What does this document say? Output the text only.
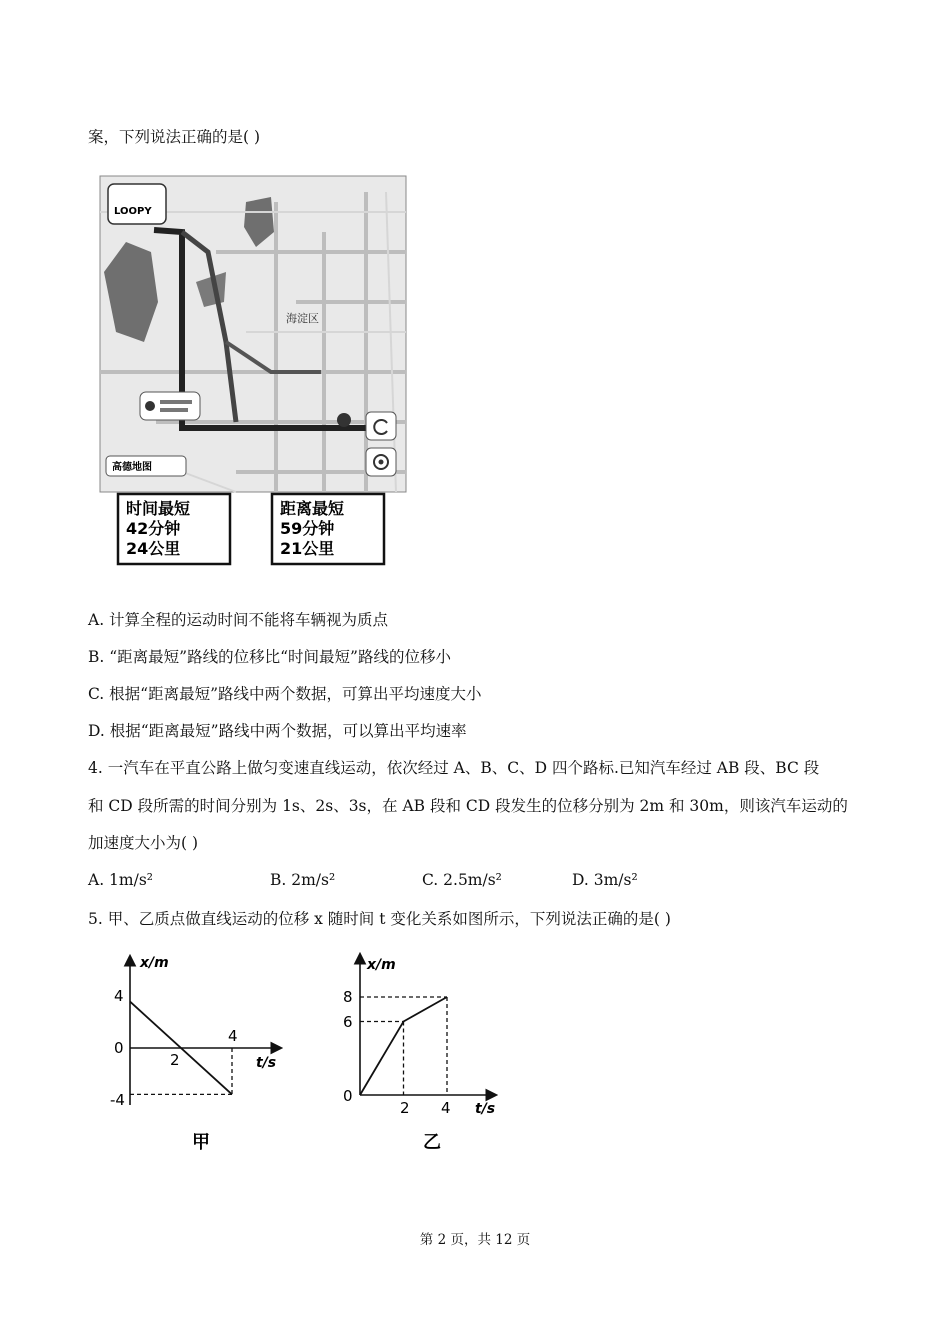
案，下列说法正确的是( )
LOOPY
海淀区
高德地图
时间最短
42分钟
24公里
距离最短
59分钟
21公里
A. 计算全程的运动时间不能将车辆视为质点
B. “距离最短”路线的位移比“时间最短”路线的位移小
C. 根据“距离最短”路线中两个数据，可算出平均速度大小
D. 根据“距离最短”路线中两个数据，可以算出平均速率
4. 一汽车在平直公路上做匀变速直线运动，依次经过 A、B、C、D 四个路标.已知汽车经过 AB 段、BC 段
和 CD 段所需的时间分别为 1s、2s、3s，在 AB 段和 CD 段发生的位移分别为 2m 和 30m，则该汽车运动的
加速度大小为( )
A. 1m/s²	B. 2m/s²	C. 2.5m/s²	D. 3m/s²
5. 甲、乙质点做直线运动的位移 x 随时间 t 变化关系如图所示，下列说法正确的是( )
x/m
t/s
4
0
-4
2
4
甲
x/m
t/s
8
6
0
2 4
乙
第 2 页，共 12 页
